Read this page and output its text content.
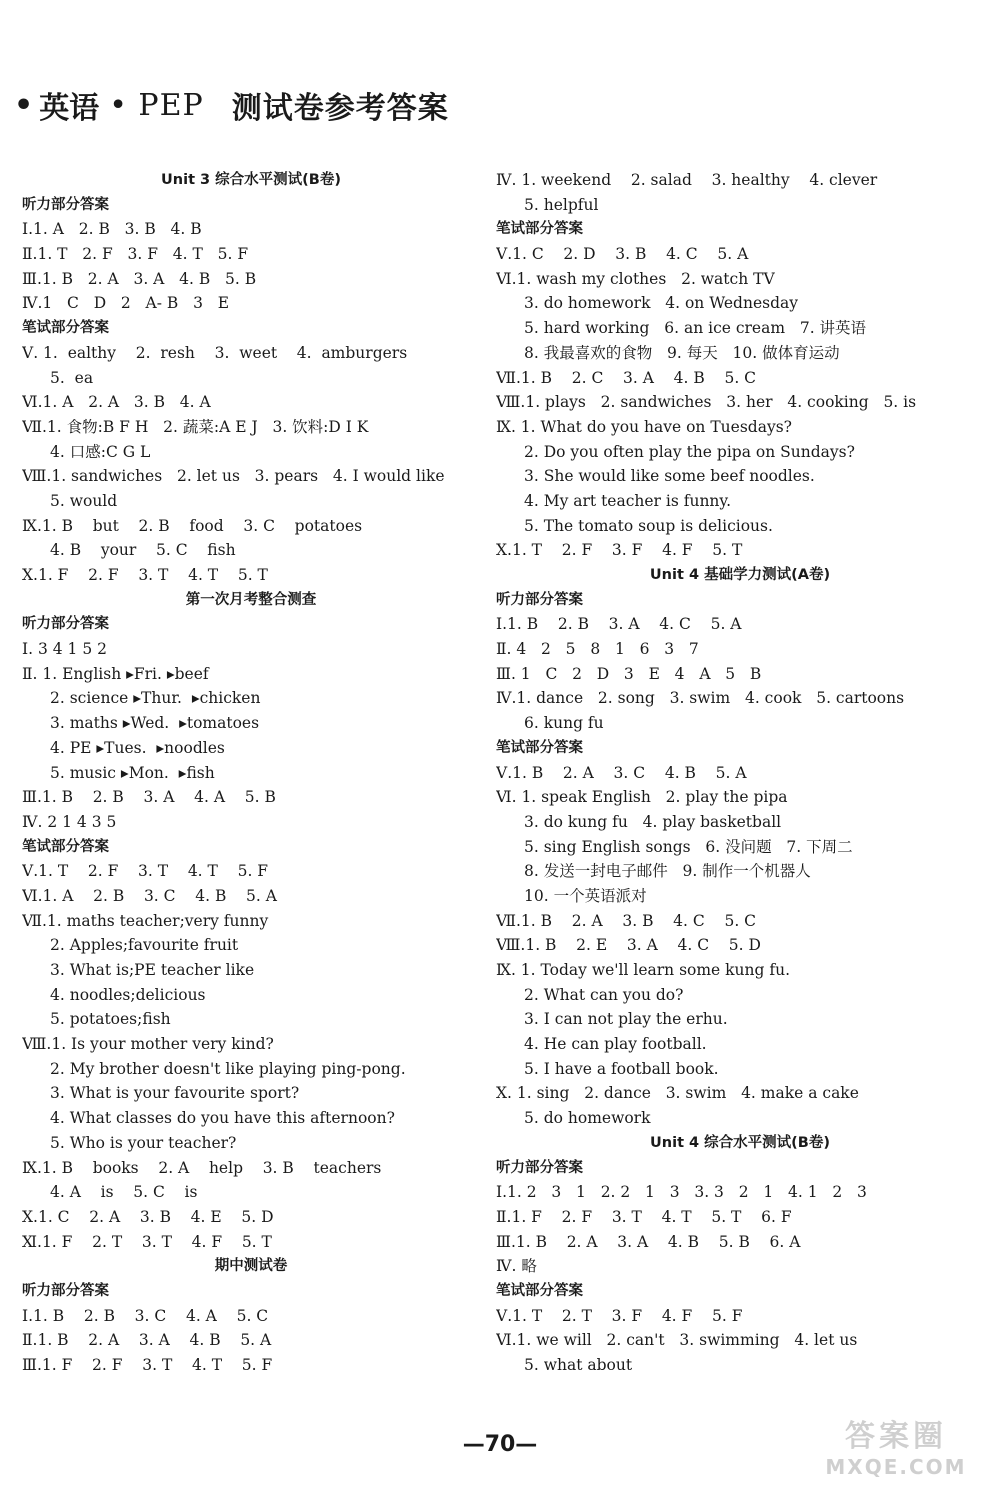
• 英语 • PEP 测试卷参考答案
Unit 3 综合水平测试(B卷)
听力部分答案
Ⅰ.1. A   2. B   3. B   4. B
Ⅱ.1. T   2. F   3. F   4. T   5. F
Ⅲ.1. B   2. A   3. A   4. B   5. B
Ⅳ.1   C   D   2   A- B   3   E
笔试部分答案
Ⅴ. 1.  ealthy    2.  resh    3.  weet    4.  amburgers
5.  ea
Ⅵ.1. A   2. A   3. B   4. A
Ⅶ.1. 食物:B F H   2. 蔬菜:A E J   3. 饮料:D I K
4. 口感:C G L
Ⅷ.1. sandwiches   2. let us   3. pears   4. I would like
5. would
Ⅸ.1. B    but    2. B    food    3. C    potatoes
4. B    your    5. C    fish
Ⅹ.1. F    2. F    3. T    4. T    5. T
第一次月考整合测查
听力部分答案
Ⅰ. 3 4 1 5 2
Ⅱ. 1. English ▸Fri. ▸beef
2. science ▸Thur.  ▸chicken
3. maths ▸Wed.  ▸tomatoes
4. PE ▸Tues.  ▸noodles
5. music ▸Mon.  ▸fish
Ⅲ.1. B    2. B    3. A    4. A    5. B
Ⅳ. 2 1 4 3 5
笔试部分答案
Ⅴ.1. T    2. F    3. T    4. T    5. F
Ⅵ.1. A    2. B    3. C    4. B    5. A
Ⅶ.1. maths teacher;very funny
2. Apples;favourite fruit
3. What is;PE teacher like
4. noodles;delicious
5. potatoes;fish
Ⅷ.1. Is your mother very kind?
2. My brother doesn't like playing ping-pong.
3. What is your favourite sport?
4. What classes do you have this afternoon?
5. Who is your teacher?
Ⅸ.1. B    books    2. A    help    3. B    teachers
4. A    is    5. C    is
Ⅹ.1. C    2. A    3. B    4. E    5. D
Ⅺ.1. F    2. T    3. T    4. F    5. T
期中测试卷
听力部分答案
Ⅰ.1. B    2. B    3. C    4. A    5. C
Ⅱ.1. B    2. A    3. A    4. B    5. A
Ⅲ.1. F    2. F    3. T    4. T    5. F
Ⅳ. 1. weekend    2. salad    3. healthy    4. clever
5. helpful
笔试部分答案
Ⅴ.1. C    2. D    3. B    4. C    5. A
Ⅵ.1. wash my clothes   2. watch TV
3. do homework   4. on Wednesday
5. hard working   6. an ice cream   7. 讲英语
8. 我最喜欢的食物   9. 每天   10. 做体育运动
Ⅶ.1. B    2. C    3. A    4. B    5. C
Ⅷ.1. plays   2. sandwiches   3. her   4. cooking   5. is
Ⅸ. 1. What do you have on Tuesdays?
2. Do you often play the pipa on Sundays?
3. She would like some beef noodles.
4. My art teacher is funny.
5. The tomato soup is delicious.
Ⅹ.1. T    2. F    3. F    4. F    5. T
Unit 4 基础学力测试(A卷)
听力部分答案
Ⅰ.1. B    2. B    3. A    4. C    5. A
Ⅱ. 4   2   5   8   1   6   3   7
Ⅲ. 1   C   2   D   3   E   4   A   5   B
Ⅳ.1. dance   2. song   3. swim   4. cook   5. cartoons
6. kung fu
笔试部分答案
Ⅴ.1. B    2. A    3. C    4. B    5. A
Ⅵ. 1. speak English   2. play the pipa
3. do kung fu   4. play basketball
5. sing English songs   6. 没问题   7. 下周二
8. 发送一封电子邮件   9. 制作一个机器人
10. 一个英语派对
Ⅶ.1. B    2. A    3. B    4. C    5. C
Ⅷ.1. B    2. E    3. A    4. C    5. D
Ⅸ. 1. Today we'll learn some kung fu.
2. What can you do?
3. I can not play the erhu.
4. He can play football.
5. I have a football book.
Ⅹ. 1. sing   2. dance   3. swim   4. make a cake
5. do homework
Unit 4 综合水平测试(B卷)
听力部分答案
Ⅰ.1. 2   3   1   2. 2   1   3   3. 3   2   1   4. 1   2   3
Ⅱ.1. F    2. F    3. T    4. T    5. T    6. F
Ⅲ.1. B    2. A    3. A    4. B    5. B    6. A
Ⅳ. 略
笔试部分答案
Ⅴ.1. T    2. T    3. F    4. F    5. F
Ⅵ.1. we will   2. can't   3. swimming   4. let us
5. what about
—70—	答案圈
MXQE.COM
